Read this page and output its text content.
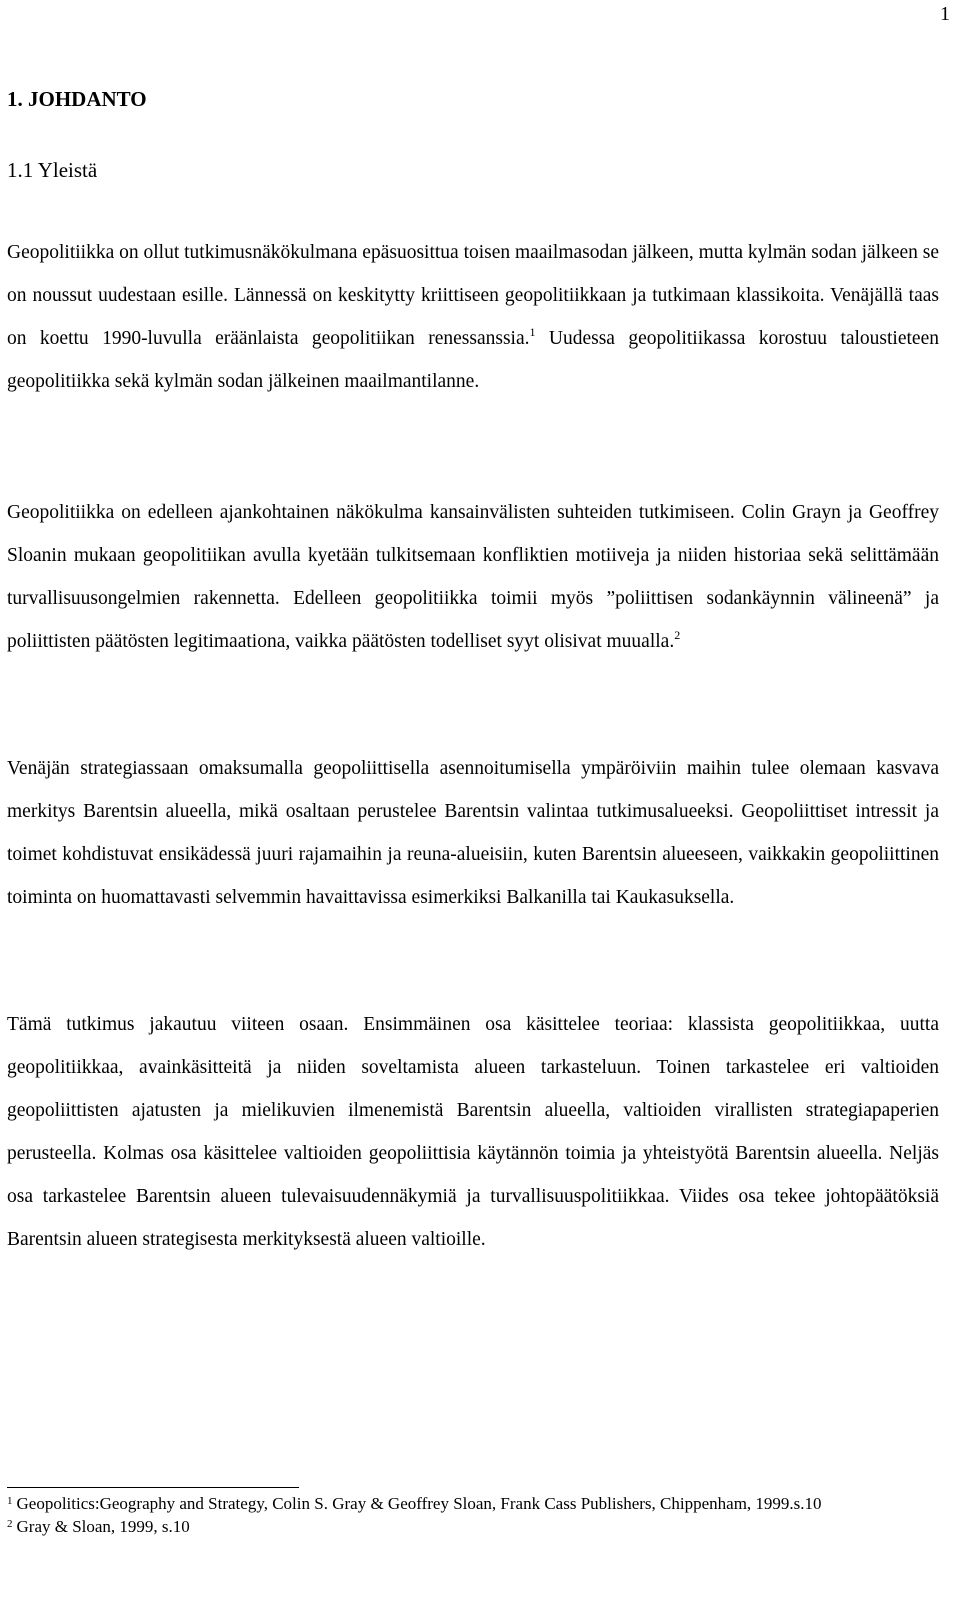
1
1. JOHDANTO
1.1 Yleistä

Geopolitiikka on ollut tutkimusnäkökulmana epäsuosittua toisen maailmasodan jälkeen, mutta kylmän sodan jälkeen se on noussut uudestaan esille. Lännessä on keskitytty kriittiseen geopolitiikkaan ja tutkimaan klassikoita. Venäjällä taas on koettu 1990-luvulla eräänlaista geopolitiikan renessanssia.$^1$ Uudessa geopolitiikassa korostuu taloustieteen geopolitiikka sekä kylmän sodan jälkeinen maailmantilanne.

Geopolitiikka on edelleen ajankohtainen näkökulma kansainvälisten suhteiden tutkimiseen. Colin Grayn ja Geoffrey Sloanin mukaan geopolitiikan avulla kyetään tulkitsemaan konfliktien motiiveja ja niiden historiaa sekä selittämään turvallisuusongelmien rakennetta. Edelleen geopolitiikka toimii myös ”poliittisen sodankäynnin välineenä” ja poliittisten päätösten legitimaationa, vaikka päätösten todelliset syyt olisivat muualla.$^2$

Venäjän strategiassaan omaksumalla geopoliittisella asennoitumisella ympäröiviin maihin tulee olemaan kasvava merkitys Barentsin alueella, mikä osaltaan perustelee Barentsin valintaa tutkimusalueeksi. Geopoliittiset intressit ja toimet kohdistuvat ensikädessä juuri rajamaihin ja reuna-alueisiin, kuten Barentsin alueeseen, vaikkakin geopoliittinen toiminta on huomattavasti selvemmin havaittavissa esimerkiksi Balkanilla tai Kaukasuksella.

Tämä tutkimus jakautuu viiteen osaan. Ensimmäinen osa käsittelee teoriaa: klassista geopolitiikkaa, uutta geopolitiikkaa, avainkäsitteitä ja niiden soveltamista alueen tarkasteluun. Toinen tarkastelee eri valtioiden geopoliittisten ajatusten ja mielikuvien ilmenemistä Barentsin alueella, valtioiden virallisten strategiapaperien perusteella. Kolmas osa käsittelee valtioiden geopoliittisia käytännön toimia ja yhteistyötä Barentsin alueella. Neljäs osa tarkastelee Barentsin alueen tulevaisuudennäkymiä ja turvallisuuspolitiikkaa. Viides osa tekee johtopäätöksiä Barentsin alueen strategisesta merkityksestä alueen valtioille.

$^1$ Geopolitics:Geography and Strategy, Colin S. Gray & Geoffrey Sloan, Frank Cass Publishers, Chippenham, 1999.s.10

$^2$ Gray & Sloan, 1999, s.10
